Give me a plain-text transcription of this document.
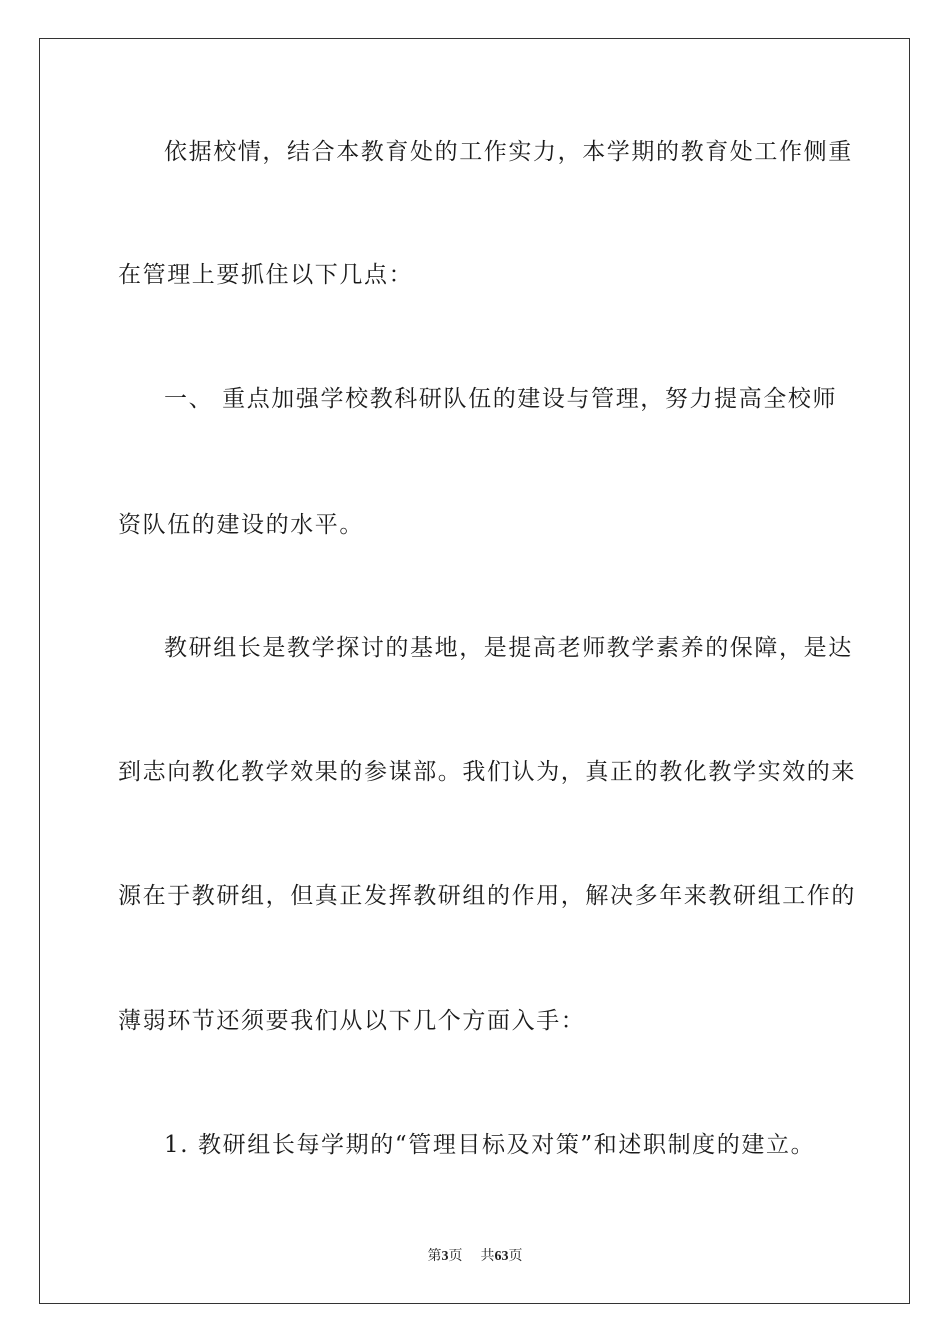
依据校情，结合本教育处的工作实力，本学期的教育处工作侧重
在管理上要抓住以下几点：
一、 重点加强学校教科研队伍的建设与管理，努力提高全校师
资队伍的建设的水平。
教研组长是教学探讨的基地，是提高老师教学素养的保障，是达
到志向教化教学效果的参谋部。我们认为，真正的教化教学实效的来
源在于教研组，但真正发挥教研组的作用，解决多年来教研组工作的
薄弱环节还须要我们从以下几个方面入手：
1. 教研组长每学期的“管理目标及对策”和述职制度的建立。
第3页 共63页
